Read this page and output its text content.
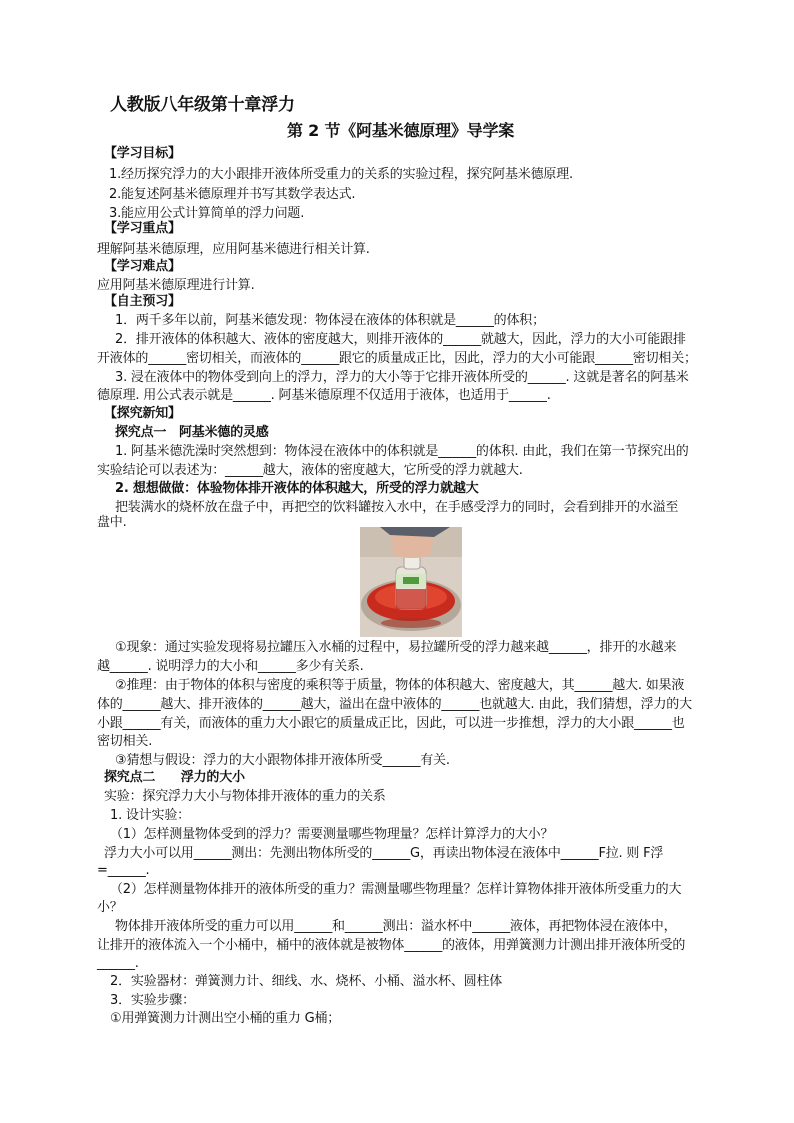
人教版八年级第十章浮力
第 2 节《阿基米德原理》导学案
【学习目标】
1.经历探究浮力的大小跟排开液体所受重力的关系的实验过程，探究阿基米德原理.
2.能复述阿基米德原理并书写其数学表达式.
3.能应用公式计算简单的浮力问题.
【学习重点】
理解阿基米德原理，应用阿基米德进行相关计算.
【学习难点】
应用阿基米德原理进行计算.
【自主预习】
1．两千多年以前，阿基米德发现：物体浸在液体的体积就是______的体积；
2．排开液体的体积越大、液体的密度越大，则排开液体的______就越大，因此，浮力的大小可能跟排
开液体的______密切相关，而液体的______跟它的质量成正比，因此，浮力的大小可能跟______密切相关；
3. 浸在液体中的物体受到向上的浮力，浮力的大小等于它排开液体所受的______. 这就是著名的阿基米
德原理. 用公式表示就是______. 阿基米德原理不仅适用于液体，也适用于______.
【探究新知】
探究点一　阿基米德的灵感
1. 阿基米德洗澡时突然想到：物体浸在液体中的体积就是______的体积. 由此，我们在第一节探究出的
实验结论可以表述为：______越大，液体的密度越大，它所受的浮力就越大.
2. 想想做做：体验物体排开液体的体积越大，所受的浮力就越大
把装满水的烧杯放在盘子中，再把空的饮料罐按入水中，在手感受浮力的同时，会看到排开的水溢至
盘中.
①现象：通过实验发现将易拉罐压入水桶的过程中，易拉罐所受的浮力越来越______，排开的水越来
越______. 说明浮力的大小和______多少有关系.
②推理：由于物体的体积与密度的乘积等于质量，物体的体积越大、密度越大，其______越大. 如果液
体的______越大、排开液体的______越大，溢出在盘中液体的______也就越大. 由此，我们猜想，浮力的大
小跟______有关，而液体的重力大小跟它的质量成正比，因此，可以进一步推想，浮力的大小跟______也
密切相关.
③猜想与假设：浮力的大小跟物体排开液体所受______有关.
探究点二　　浮力的大小
实验：探究浮力大小与物体排开液体的重力的关系
1. 设计实验：
（1）怎样测量物体受到的浮力？需要测量哪些物理量？怎样计算浮力的大小？
浮力大小可以用______测出：先测出物体所受的______G，再读出物体浸在液体中______F拉. 则 F浮
=______.
（2）怎样测量物体排开的液体所受的重力？需测量哪些物理量？怎样计算物体排开液体所受重力的大
小？
物体排开液体所受的重力可以用______和______测出：溢水杯中______液体，再把物体浸在液体中，
让排开的液体流入一个小桶中，桶中的液体就是被物体______的液体，用弹簧测力计测出排开液体所受的
______.
2．实验器材：弹簧测力计、细线、水、烧杯、小桶、溢水杯、圆柱体
3．实验步骤：
①用弹簧测力计测出空小桶的重力 G桶；
